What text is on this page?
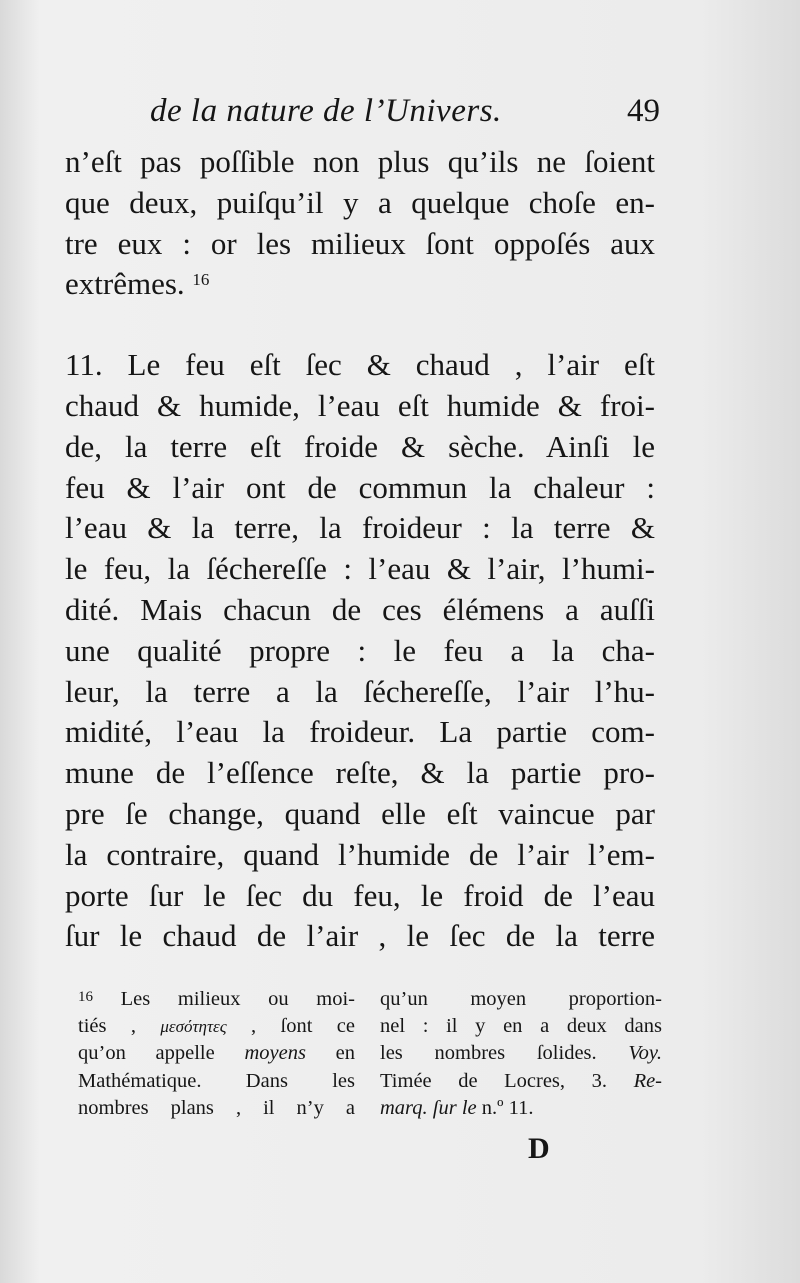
de la nature de l’Univers.	49
n’eſt pas poſſible non plus qu’ils ne ſoient
que deux, puiſqu’il y a quelque choſe en-
tre eux : or les milieux ſont oppoſés aux
extrêmes. $^{16}$
11. Le feu eſt ſec & chaud , l’air eſt
chaud & humide, l’eau eſt humide & froi-
de, la terre eſt froide & sèche. Ainſi le
feu & l’air ont de commun la chaleur :
l’eau & la terre, la froideur : la terre &
le feu, la ſéchereſſe : l’eau & l’air, l’humi-
dité. Mais chacun de ces élémens a auſſi
une qualité propre : le feu a la cha-
leur, la terre a la ſéchereſſe, l’air l’hu-
midité, l’eau la froideur. La partie com-
mune de l’eſſence reſte, & la partie pro-
pre ſe change, quand elle eſt vaincue par
la contraire, quand l’humide de l’air l’em-
porte ſur le ſec du feu, le froid de l’eau
ſur le chaud de l’air , le ſec de la terre
$^{16}$ Les milieux ou moi-
tiés , μεσότητες , ſont ce
qu’on appelle moyens en
Mathématique. Dans les
nombres plans , il n’y a
qu’un moyen proportion-
nel : il y en a deux dans
les nombres ſolides. Voy.
Timée de Locres, 3. Re-
marq. ſur le n.º 11.
D
